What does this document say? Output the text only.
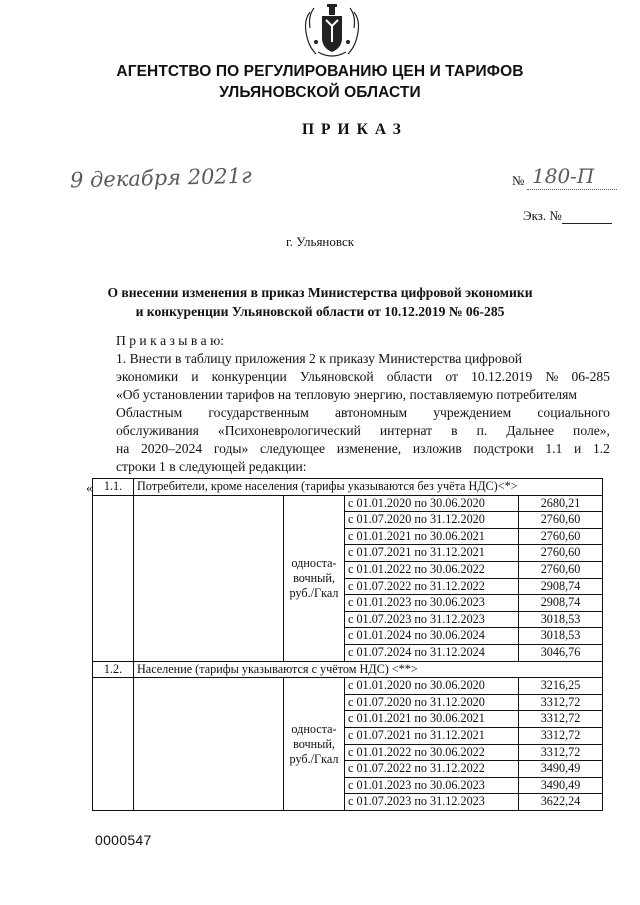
АГЕНТСТВО ПО РЕГУЛИРОВАНИЮ ЦЕН И ТАРИФОВ
УЛЬЯНОВСКОЙ ОБЛАСТИ
ПРИКАЗ
9 декабря 2021г	№ 180-П
Экз. №
г. Ульяновск
О внесении изменения в приказ Министерства цифровой экономики
и конкуренции Ульяновской области от 10.12.2019 № 06-285
П р и к а з ы в а ю:
1. Внести в таблицу приложения 2 к приказу Министерства цифровой
экономики и конкуренции Ульяновской области от 10.12.2019 № 06-285
«Об установлении тарифов на тепловую энергию, поставляемую потребителям
Областным государственным автономным учреждением социального
обслуживания «Психоневрологический интернат в п. Дальнее поле»,
на 2020–2024 годы» следующее изменение, изложив подстроки 1.1 и 1.2
строки 1 в следующей редакции:
« 1.1.	Потребители, кроме населения (тарифы указываются без учёта НДС)<*>			
		односта-вочный, руб./Гкал	с 01.01.2020 по 30.06.2020	2680,21
			с 01.07.2020 по 31.12.2020	2760,60
			с 01.01.2021 по 30.06.2021	2760,60
			с 01.07.2021 по 31.12.2021	2760,60
			с 01.01.2022 по 30.06.2022	2760,60
			с 01.07.2022 по 31.12.2022	2908,74
			с 01.01.2023 по 30.06.2023	2908,74
			с 01.07.2023 по 31.12.2023	3018,53
			с 01.01.2024 по 30.06.2024	3018,53
			с 01.07.2024 по 31.12.2024	3046,76
1.2.	Население (тарифы указываются с учётом НДС) <**>			
		односта-вочный, руб./Гкал	с 01.01.2020 по 30.06.2020	3216,25
			с 01.07.2020 по 31.12.2020	3312,72
			с 01.01.2021 по 30.06.2021	3312,72
			с 01.07.2021 по 31.12.2021	3312,72
			с 01.01.2022 по 30.06.2022	3312,72
			с 01.07.2022 по 31.12.2022	3490,49
			с 01.01.2023 по 30.06.2023	3490,49
			с 01.07.2023 по 31.12.2023	3622,24
0000547
